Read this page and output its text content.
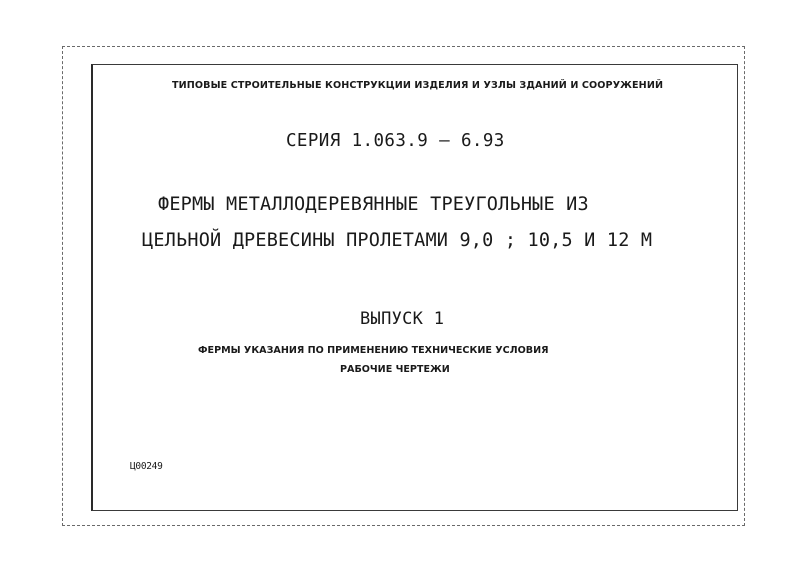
ТИПОВЫЕ СТРОИТЕЛЬНЫЕ КОНСТРУКЦИИ ИЗДЕЛИЯ И УЗЛЫ ЗДАНИЙ И СООРУЖЕНИЙ
СЕРИЯ 1.063.9 – 6.93
ФЕРМЫ МЕТАЛЛОДЕРЕВЯННЫЕ ТРЕУГОЛЬНЫЕ ИЗ
ЦЕЛЬНОЙ ДРЕВЕСИНЫ ПРОЛЕТАМИ 9,0 ; 10,5 И 12 М
ВЫПУСК 1
ФЕРМЫ УКАЗАНИЯ ПО ПРИМЕНЕНИЮ ТЕХНИЧЕСКИЕ УСЛОВИЯ
РАБОЧИЕ ЧЕРТЕЖИ
Ц00249
